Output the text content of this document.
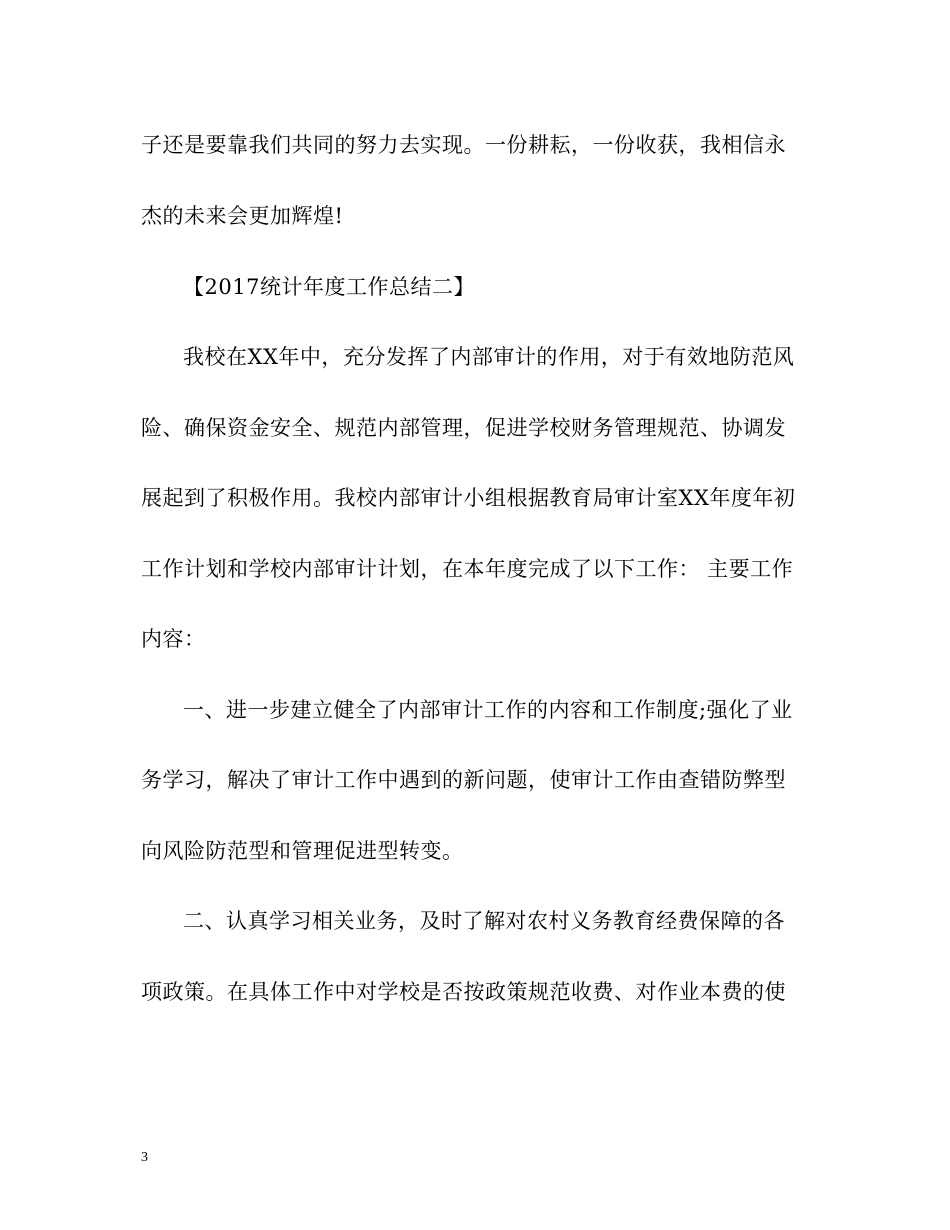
子还是要靠我们共同的努力去实现。一份耕耘，一份收获，我相信永
杰的未来会更加辉煌!
【2017统计年度工作总结二】
我校在XX年中，充分发挥了内部审计的作用，对于有效地防范风
险、确保资金安全、规范内部管理，促进学校财务管理规范、协调发
展起到了积极作用。我校内部审计小组根据教育局审计室XX年度年初
工作计划和学校内部审计计划，在本年度完成了以下工作： 主要工作
内容：
一、进一步建立健全了内部审计工作的内容和工作制度;强化了业
务学习，解决了审计工作中遇到的新问题，使审计工作由查错防弊型
向风险防范型和管理促进型转变。
二、认真学习相关业务，及时了解对农村义务教育经费保障的各
项政策。在具体工作中对学校是否按政策规范收费、对作业本费的使
3
